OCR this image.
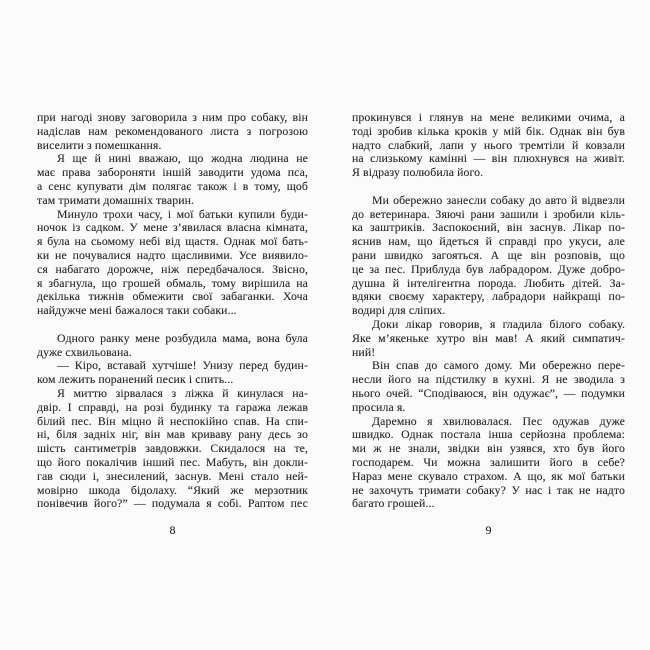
при нагоді знову заговорила з ним про собаку, він
надіслав нам рекомендованого листа з погрозою
виселити з помешкання.
Я ще й нині вважаю, що жодна людина не
має права забороняти іншій заводити удома пса,
а сенс купувати дім полягає також і в тому, щоб
там тримати домашніх тварин.
Минуло трохи часу, і мої батьки купили буди-
ночок із садком. У мене з’явилася власна кімната,
я була на сьомому небі від щастя. Однак мої бать-
ки не почувалися надто щасливими. Усе виявило-
ся набагато дорожче, ніж передбачалося. Звісно,
я збагнула, що грошей обмаль, тому вирішила на
декілька тижнів обмежити свої забаганки. Хоча
найдужче мені бажалося таки собаки...
Одного ранку мене розбудила мама, вона була
дуже схвильована.
— Кіро, вставай хутчіше! Унизу перед будин-
ком лежить поранений песик і спить...
Я миттю зірвалася з ліжка й кинулася на-
двір. І справді, на розі будинку та гаража лежав
білий пес. Він міцно й неспокійно спав. На спи-
ні, біля задніх ніг, він мав криваву рану десь зо
шість сантиметрів завдовжки. Скидалося на те,
що його покалічив інший пес. Мабуть, він докли-
гав сюди і, знесилений, заснув. Мені стало ней-
мовірно шкода бідолаху. “Який же мерзотник
понівечив його?” — подумала я собі. Раптом пес
8
прокинувся і глянув на мене великими очима, а
тоді зробив кілька кроків у мій бік. Однак він був
надто слабкий, лапи у нього тремтіли й ковзали
на слизькому камінні — він плюхнувся на живіт.
Я відразу полюбила його.
Ми обережно занесли собаку до авто й відвезли
до ветеринара. Зяючі рани зашили і зробили кіль-
ка заштриків. Заспокоєний, він заснув. Лікар по-
яснив нам, що йдеться й справді про укуси, але
рани швидко загояться. А ще він розповів, що
це за пес. Приблуда був лабрадором. Дуже добро-
душна й інтелігентна порода. Любить дітей. За-
вдяки своєму характеру, лабрадори найкращі по-
водирі для сліпих.
Доки лікар говорив, я гладила білого собаку.
Яке м’якеньке хутро він мав! А який симпатич-
ний!
Він спав до самого дому. Ми обережно пере-
несли його на підстилку в кухні. Я не зводила з
нього очей. “Сподіваюся, він одужає”, — подумки
просила я.
Даремно я хвилювалася. Пес одужав дуже
швидко. Однак постала інша серйозна проблема:
ми ж не знали, звідки він узявся, хто був його
господарем. Чи можна залишити його в себе?
Нараз мене скувало страхом. А що, як мої батьки
не захочуть тримати собаку? У нас і так не надто
багато грошей...
9
